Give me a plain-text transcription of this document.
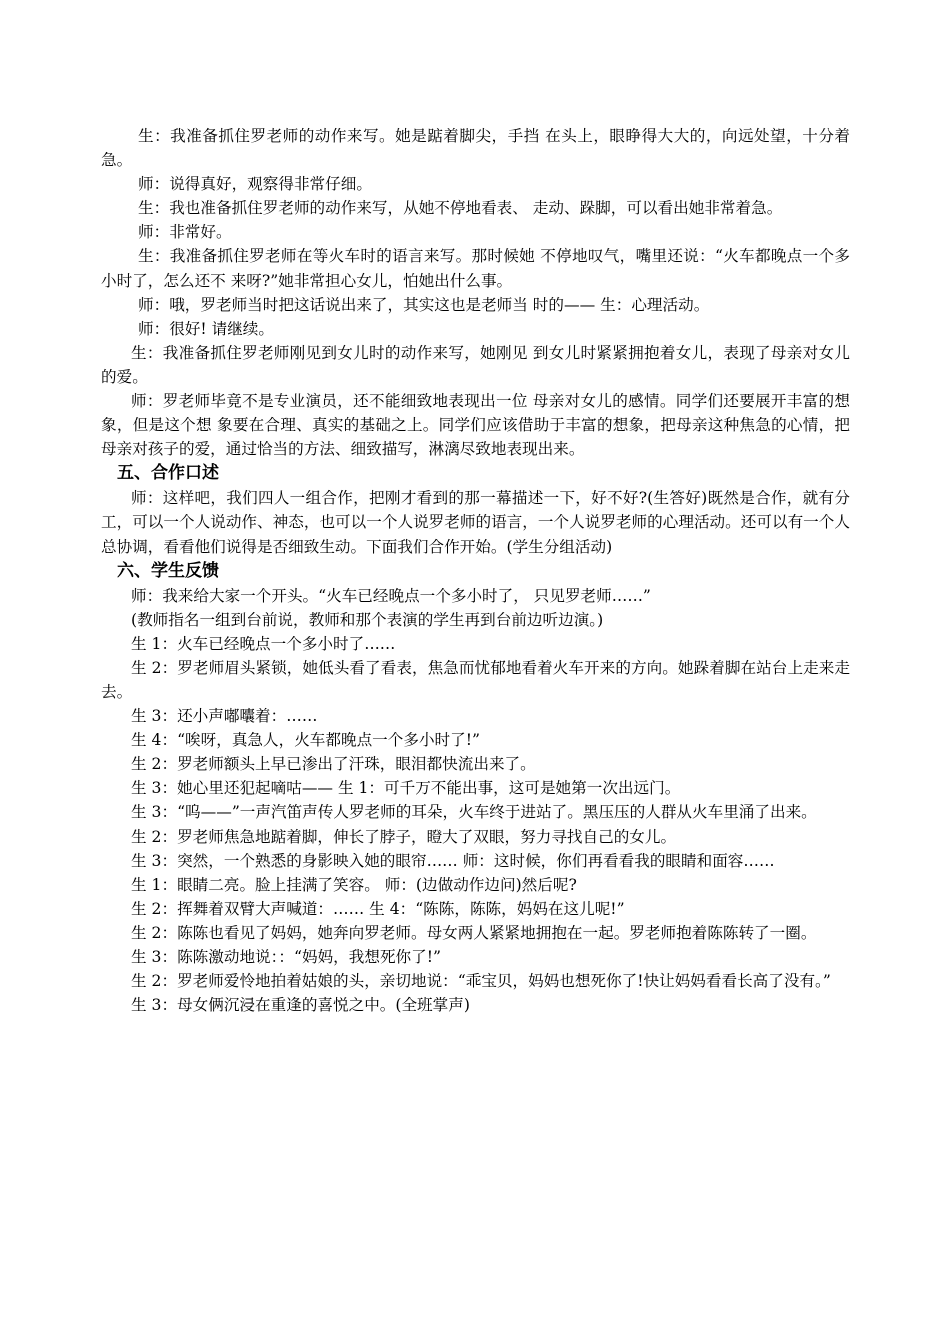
生：我准备抓住罗老师的动作来写。她是踮着脚尖，手挡 在头上，眼睁得大大的，向远处望，十分着急。

师：说得真好，观察得非常仔细。

生：我也准备抓住罗老师的动作来写，从她不停地看表、 走动、跺脚，可以看出她非常着急。

师：非常好。

生：我准备抓住罗老师在等火车时的语言来写。那时候她 不停地叹气，嘴里还说：“火车都晚点一个多小时了，怎么还不 来呀?”她非常担心女儿，怕她出什么事。

师：哦，罗老师当时把这话说出来了，其实这也是老师当 时的—— 生：心理活动。

师：很好! 请继续。

生：我准备抓住罗老师刚见到女儿时的动作来写，她刚见 到女儿时紧紧拥抱着女儿，表现了母亲对女儿的爱。

师：罗老师毕竟不是专业演员，还不能细致地表现出一位 母亲对女儿的感情。同学们还要展开丰富的想象，但是这个想 象要在合理、真实的基础之上。同学们应该借助于丰富的想象，把母亲这种焦急的心情，把母亲对孩子的爱，通过恰当的方法、细致描写，淋漓尽致地表现出来。

五、合作口述

师：这样吧，我们四人一组合作，把刚才看到的那一幕描述一下，好不好?(生答好)既然是合作，就有分工，可以一个人说动作、神态，也可以一个人说罗老师的语言，一个人说罗老师的心理活动。还可以有一个人总协调，看看他们说得是否细致生动。下面我们合作开始。(学生分组活动)

六、学生反馈

师：我来给大家一个开头。“火车已经晚点一个多小时了， 只见罗老师……”

(教师指名一组到台前说，教师和那个表演的学生再到台前边听边演。)

生 1：火车已经晚点一个多小时了……

生 2：罗老师眉头紧锁，她低头看了看表，焦急而忧郁地看着火车开来的方向。她跺着脚在站台上走来走去。

生 3：还小声嘟囔着：……

生 4：“唉呀，真急人，火车都晚点一个多小时了!”

生 2：罗老师额头上早已渗出了汗珠，眼泪都快流出来了。

生 3：她心里还犯起嘀咕—— 生 1：可千万不能出事，这可是她第一次出远门。

生 3：“呜——”一声汽笛声传人罗老师的耳朵，火车终于进站了。黑压压的人群从火车里涌了出来。

生 2：罗老师焦急地踮着脚，伸长了脖子，瞪大了双眼，努力寻找自己的女儿。

生 3：突然，一个熟悉的身影映入她的眼帘…… 师：这时候，你们再看看我的眼睛和面容……

生 1：眼睛二亮。脸上挂满了笑容。 师：(边做动作边问)然后呢?

生 2：挥舞着双臂大声喊道：…… 生 4：“陈陈，陈陈，妈妈在这儿呢!”

生 2：陈陈也看见了妈妈，她奔向罗老师。母女两人紧紧地拥抱在一起。罗老师抱着陈陈转了一圈。

生 3：陈陈激动地说：：“妈妈，我想死你了!”

生 2：罗老师爱怜地拍着姑娘的头，亲切地说：“乖宝贝，妈妈也想死你了!快让妈妈看看长高了没有。”

生 3：母女俩沉浸在重逢的喜悦之中。(全班掌声)
